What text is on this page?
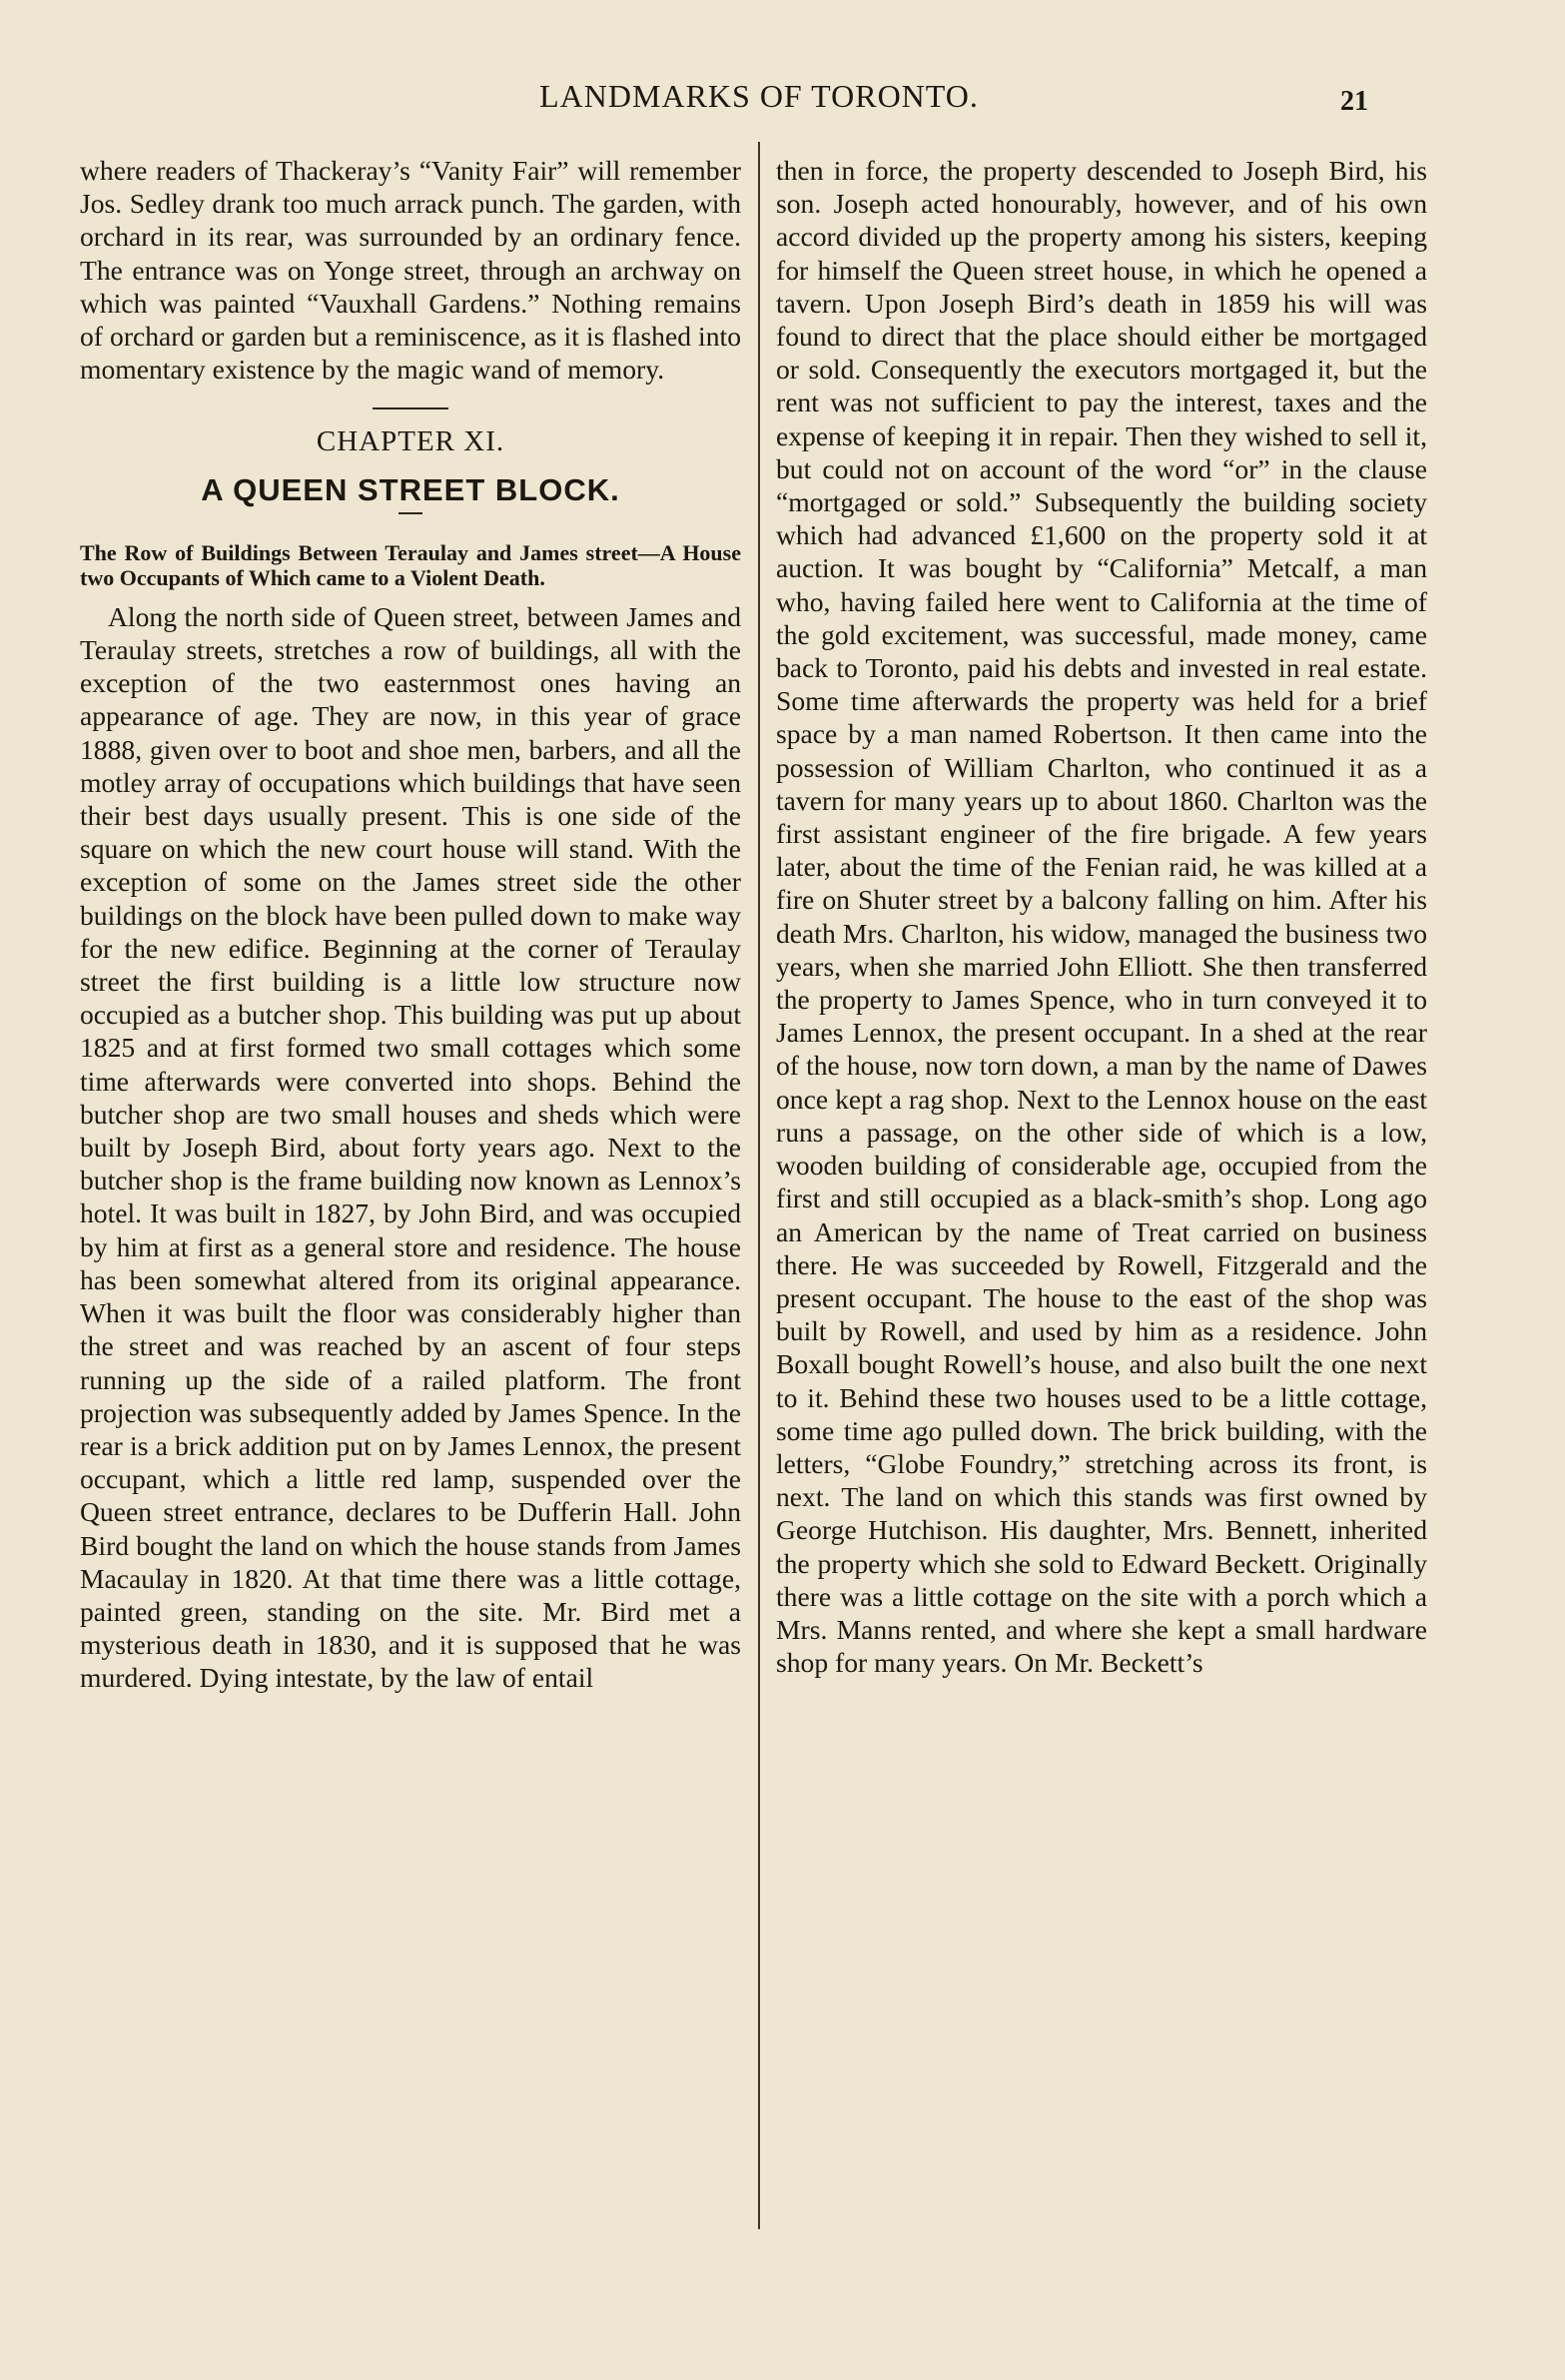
LANDMARKS OF TORONTO.	21

where readers of Thackeray’s “Vanity Fair” will remember Jos. Sedley drank too much arrack punch. The garden, with orchard in its rear, was surrounded by an ordinary fence. The entrance was on Yonge street, through an archway on which was painted “Vauxhall Gardens.” Nothing remains of orchard or garden but a reminiscence, as it is flashed into momentary existence by the magic wand of memory.

CHAPTER XI.
A QUEEN STREET BLOCK.
The Row of Buildings Between Teraulay and James street—A House two Occupants of Which came to a Violent Death.

Along the north side of Queen street, between James and Teraulay streets, stretches a row of buildings, all with the exception of the two easternmost ones having an appearance of age. They are now, in this year of grace 1888, given over to boot and shoe men, barbers, and all the motley array of occupations which buildings that have seen their best days usually present. This is one side of the square on which the new court house will stand. With the exception of some on the James street side the other buildings on the block have been pulled down to make way for the new edifice. Beginning at the corner of Teraulay street the first building is a little low structure now occupied as a butcher shop. This building was put up about 1825 and at first formed two small cottages which some time afterwards were converted into shops. Behind the butcher shop are two small houses and sheds which were built by Joseph Bird, about forty years ago. Next to the butcher shop is the frame building now known as Lennox’s hotel. It was built in 1827, by John Bird, and was occupied by him at first as a general store and residence. The house has been somewhat altered from its original appearance. When it was built the floor was considerably higher than the street and was reached by an ascent of four steps running up the side of a railed platform. The front projection was subsequently added by James Spence. In the rear is a brick addition put on by James Lennox, the present occupant, which a little red lamp, suspended over the Queen street entrance, declares to be Dufferin Hall. John Bird bought the land on which the house stands from James Macaulay in 1820. At that time there was a little cottage, painted green, standing on the site. Mr. Bird met a mysterious death in 1830, and it is supposed that he was murdered. Dying intestate, by the law of entail

then in force, the property descended to Joseph Bird, his son. Joseph acted honourably, however, and of his own accord divided up the property among his sisters, keeping for himself the Queen street house, in which he opened a tavern. Upon Joseph Bird’s death in 1859 his will was found to direct that the place should either be mortgaged or sold. Consequently the executors mortgaged it, but the rent was not sufficient to pay the interest, taxes and the expense of keeping it in repair. Then they wished to sell it, but could not on account of the word “or” in the clause “mortgaged or sold.” Subsequently the building society which had advanced £1,600 on the property sold it at auction. It was bought by “California” Metcalf, a man who, having failed here went to California at the time of the gold excitement, was successful, made money, came back to Toronto, paid his debts and invested in real estate. Some time afterwards the property was held for a brief space by a man named Robertson. It then came into the possession of William Charlton, who continued it as a tavern for many years up to about 1860. Charlton was the first assistant engineer of the fire brigade. A few years later, about the time of the Fenian raid, he was killed at a fire on Shuter street by a balcony falling on him. After his death Mrs. Charlton, his widow, managed the business two years, when she married John Elliott. She then transferred the property to James Spence, who in turn conveyed it to James Lennox, the present occupant. In a shed at the rear of the house, now torn down, a man by the name of Dawes once kept a rag shop. Next to the Lennox house on the east runs a passage, on the other side of which is a low, wooden building of considerable age, occupied from the first and still occupied as a black-smith’s shop. Long ago an American by the name of Treat carried on business there. He was succeeded by Rowell, Fitzgerald and the present occupant. The house to the east of the shop was built by Rowell, and used by him as a residence. John Boxall bought Rowell’s house, and also built the one next to it. Behind these two houses used to be a little cottage, some time ago pulled down. The brick building, with the letters, “Globe Foundry,” stretching across its front, is next. The land on which this stands was first owned by George Hutchison. His daughter, Mrs. Bennett, inherited the property which she sold to Edward Beckett. Originally there was a little cottage on the site with a porch which a Mrs. Manns rented, and where she kept a small hardware shop for many years. On Mr. Beckett’s
